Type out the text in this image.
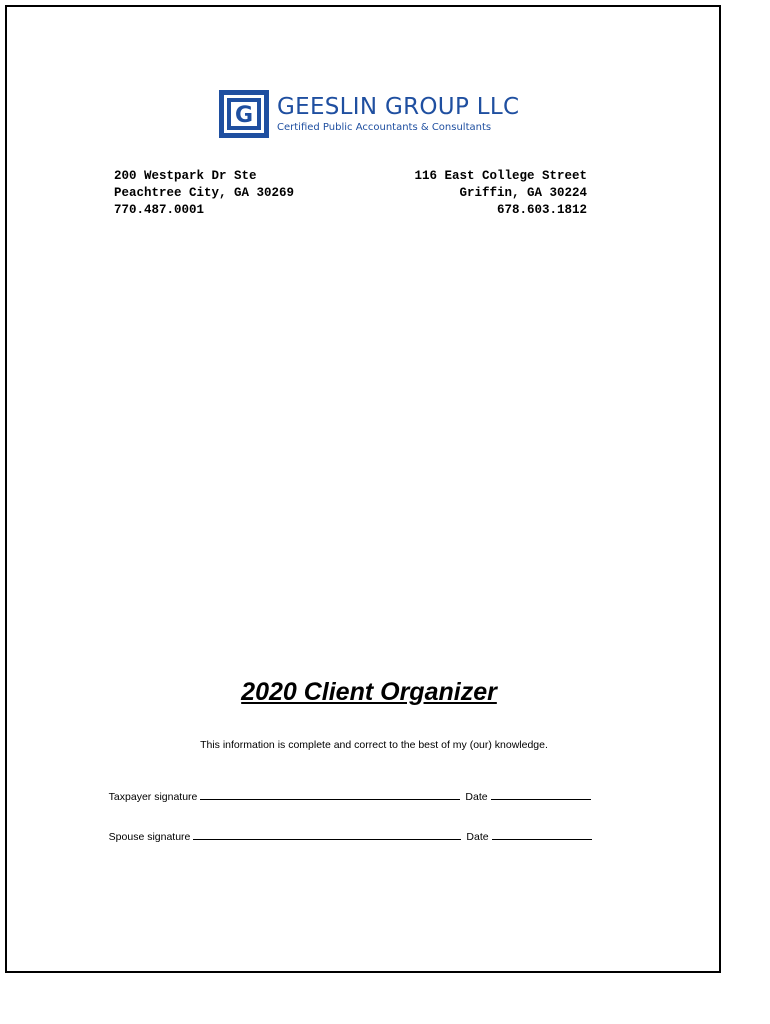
G GEESLIN GROUP LLC
Certified Public Accountants & Consultants
200 Westpark Dr Ste
Peachtree City, GA 30269
770.487.0001
116 East College Street
Griffin, GA 30224
678.603.1812
2020 Client Organizer
This information is complete and correct to the best of my (our) knowledge.

Taxpayer signature	Date

Spouse signature	Date
